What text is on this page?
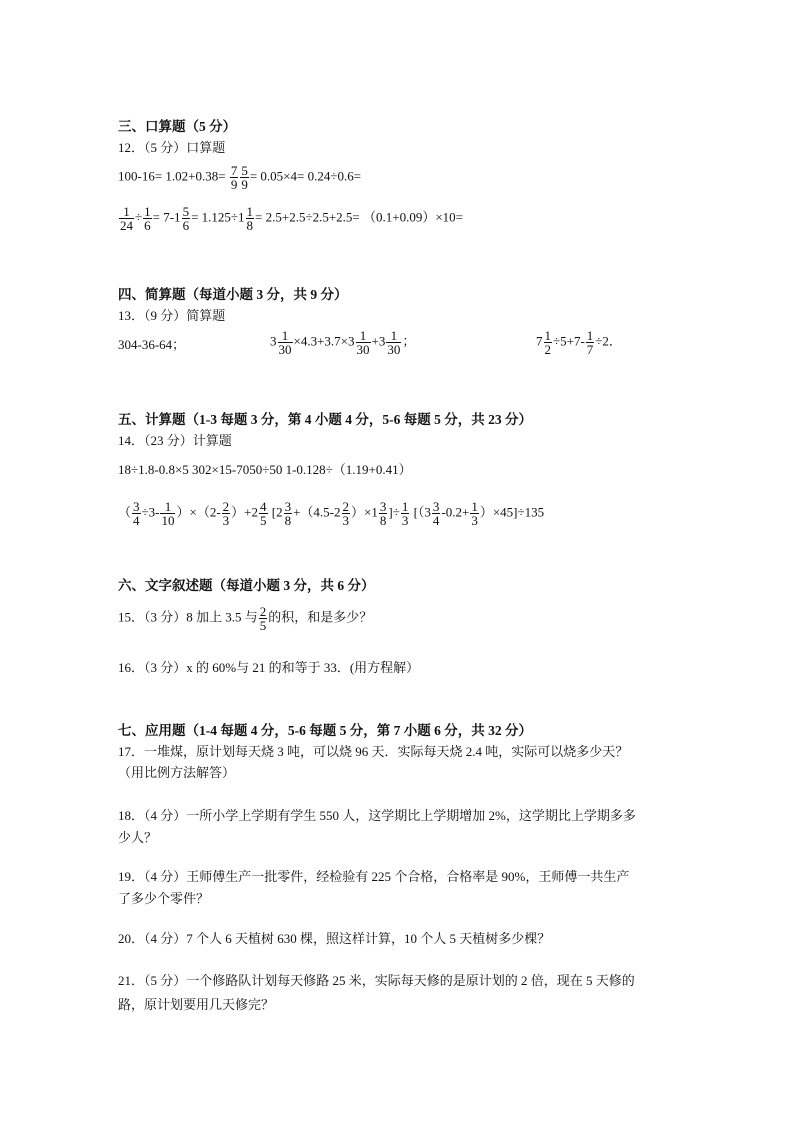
三、口算题（5 分）
12．（5 分）口算题
$100-16= 1.02+0.38= \frac{7}{9} \frac{5}{9} = 0.05\times 4= 0.24\div 0.6=$
$\frac{1}{24} \div \frac{1}{6} = 7-1 \frac{5}{6} = 1.125\div 1 \frac{1}{8} = 2.5+2.5\div 2.5+2.5= (0.1+0.09)\times 10=$
四、简算题（每道小题 3 分，共 9 分）
13．（9 分）简算题
304-36-64；	$3 \frac{1}{30} \times 4.3+3.7\times 3 \frac{1}{30} +3 \frac{1}{30}$ ；	$7 \frac{1}{2} \div 5+7- \frac{1}{7} \div 2$．
五、计算题（1-3 每题 3 分，第 4 小题 4 分，5-6 每题 5 分，共 23 分）
14．（23 分）计算题
18÷1.8-0.8×5 302×15-7050÷50 1-0.128÷（1.19+0.41）
（ $\frac{3}{4} \div 3- \frac{1}{10} )\times(2- \frac{2}{3} )+2 \frac{4}{5} [2 \frac{3}{8} +(4.5-2 \frac{2}{3} )\times 1 \frac{3}{8}$ ]÷ $\frac{1}{3} [(3 \frac{3}{4} -0.2+ \frac{1}{3} )\times 45]\div 135$
六、文字叙述题（每道小题 3 分，共 6 分）
15．（3 分）8 加上 3.5 与 $\frac{2}{5}$ 的积，和是多少？
16．（3 分）x 的 60%与 21 的和等于 33．(用方程解）
七、应用题（1-4 每题 4 分，5-6 每题 5 分，第 7 小题 6 分，共 32 分）
17．一堆煤，原计划每天烧 3 吨，可以烧 96 天．实际每天烧 2.4 吨，实际可以烧多少天？
（用比例方法解答）
18．（4 分）一所小学上学期有学生 550 人，这学期比上学期增加 2%，这学期比上学期多多
少人？
19．（4 分）王师傅生产一批零件，经检验有 225 个合格，合格率是 90%，王师傅一共生产
了多少个零件？
20．（4 分）7 个人 6 天植树 630 棵，照这样计算，10 个人 5 天植树多少棵？
21．（5 分）一个修路队计划每天修路 25 米，实际每天修的是原计划的 2 倍，现在 5 天修的
路，原计划要用几天修完？
